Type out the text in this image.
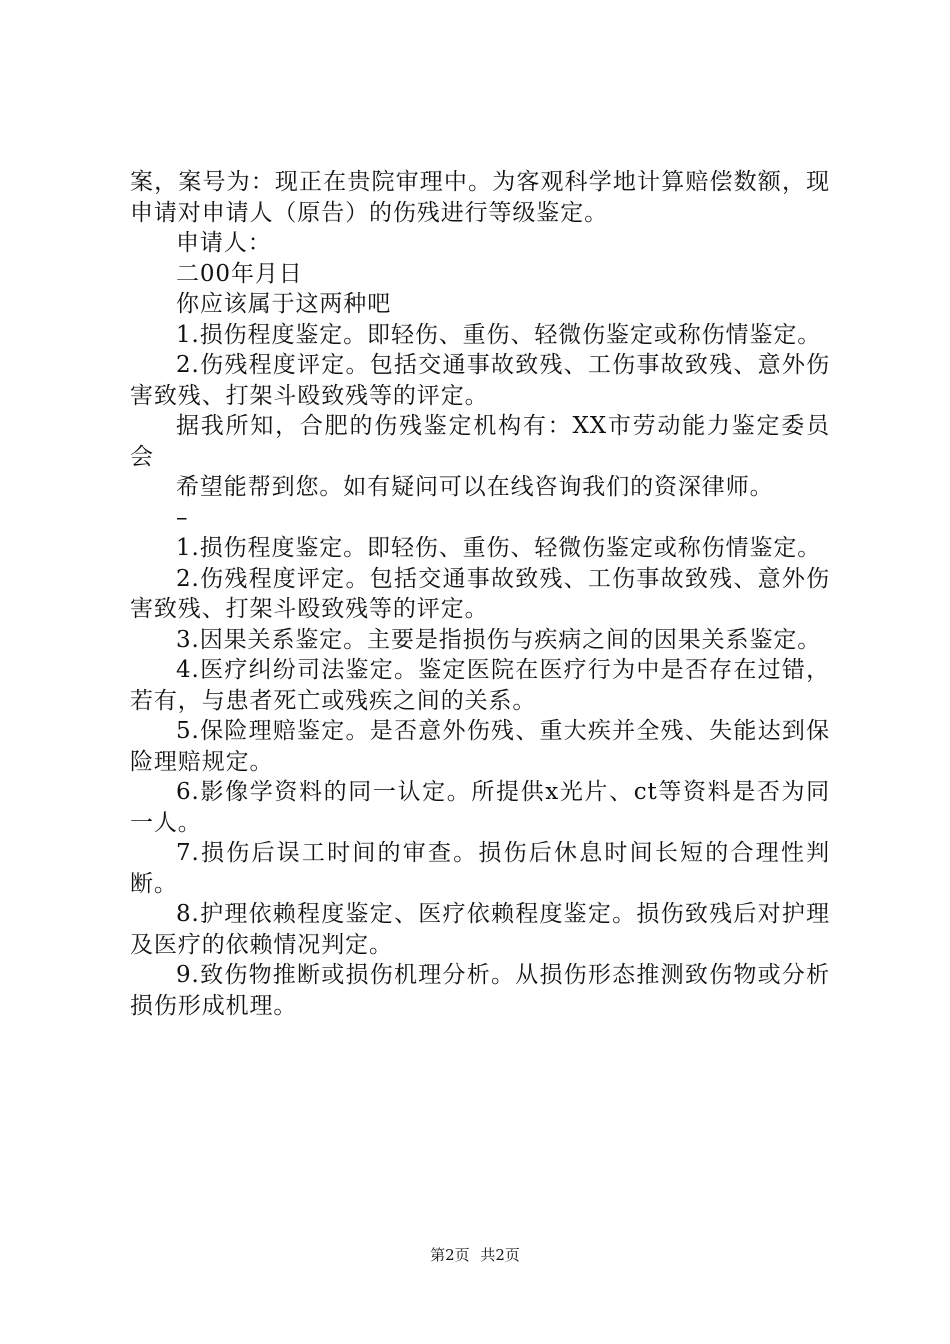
案，案号为：现正在贵院审理中。为客观科学地计算赔偿数额，现申请对申请人（原告）的伤残进行等级鉴定。

申请人：

二00年月日

你应该属于这两种吧

1.损伤程度鉴定。即轻伤、重伤、轻微伤鉴定或称伤情鉴定。

2.伤残程度评定。包括交通事故致残、工伤事故致残、意外伤害致残、打架斗殴致残等的评定。

据我所知，合肥的伤残鉴定机构有：XX市劳动能力鉴定委员会

希望能帮到您。如有疑问可以在线咨询我们的资深律师。

–

1.损伤程度鉴定。即轻伤、重伤、轻微伤鉴定或称伤情鉴定。

2.伤残程度评定。包括交通事故致残、工伤事故致残、意外伤害致残、打架斗殴致残等的评定。

3.因果关系鉴定。主要是指损伤与疾病之间的因果关系鉴定。

4.医疗纠纷司法鉴定。鉴定医院在医疗行为中是否存在过错，若有，与患者死亡或残疾之间的关系。

5.保险理赔鉴定。是否意外伤残、重大疾并全残、失能达到保险理赔规定。

6.影像学资料的同一认定。所提供x光片、ct等资料是否为同一人。

7.损伤后误工时间的审查。损伤后休息时间长短的合理性判断。

8.护理依赖程度鉴定、医疗依赖程度鉴定。损伤致残后对护理及医疗的依赖情况判定。

9.致伤物推断或损伤机理分析。从损伤形态推测致伤物或分析损伤形成机理。

第2页 共2页
